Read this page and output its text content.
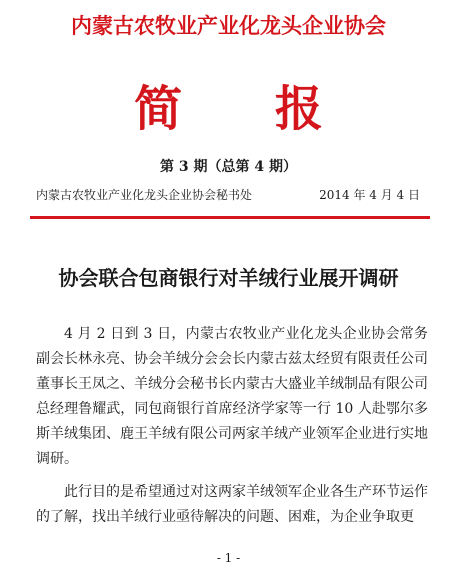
内蒙古农牧业产业化龙头企业协会
简 报
第 3 期（总第 4 期）
内蒙古农牧业产业化龙头企业协会秘书处	2014 年 4 月 4 日
协会联合包商银行对羊绒行业展开调研

4 月 2 日到 3 日，内蒙古农牧业产业化龙头企业协会常务副会长林永亮、协会羊绒分会会长内蒙古兹太经贸有限责任公司董事长王凤之、羊绒分会秘书长内蒙古大盛业羊绒制品有限公司总经理鲁耀武，同包商银行首席经济学家等一行 10 人赴鄂尔多斯羊绒集团、鹿王羊绒有限公司两家羊绒产业领军企业进行实地调研。

此行目的是希望通过对这两家羊绒领军企业各生产环节运作的了解，找出羊绒行业亟待解决的问题、困难，为企业争取更

- 1 -
